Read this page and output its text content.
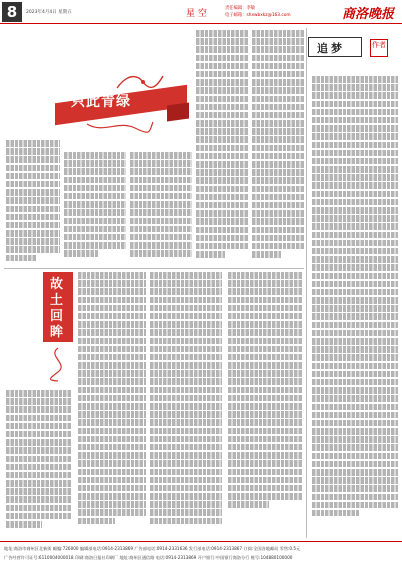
8	2023年4月4日 星期五	星空
责任编辑：李敏
电子邮箱：shxwbxkz@163.com	商洛晚报
只此青绿
故土回眸
追梦	作者
地址:商洛市商州区北新街 邮编:726000 编辑部电话:0914-2313869 广告部电话:0914-2331636 发行部电话:0914-2313867 订阅:全国各地邮局 零售:0.5元
广告经营许可证号:6110004000018 印刷:商洛日报社印刷厂 地址:商州区通信路 电话:0914-2313869 开户银行:中国银行商洛分行 账号:104880100000
